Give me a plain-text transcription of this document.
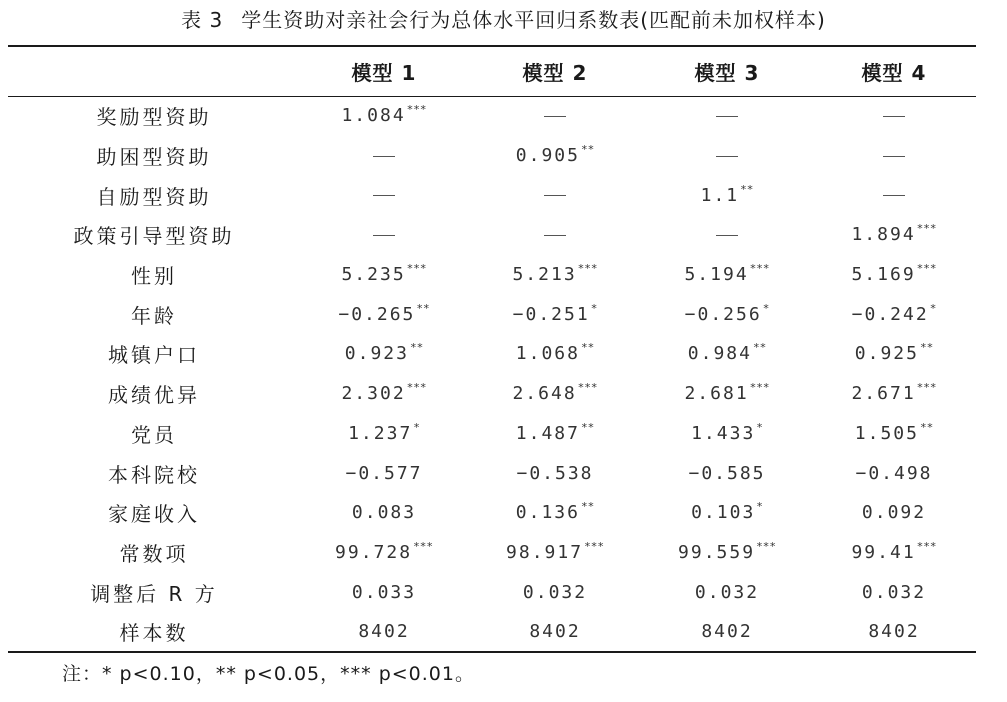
表 3 学生资助对亲社会行为总体水平回归系数表(匹配前未加权样本)
	模型 1	模型 2	模型 3	模型 4
奖励型资助	1.084***			
助困型资助		0.905**		
自励型资助			1.1**	
政策引导型资助				1.894***
性别	5.235***	5.213***	5.194***	5.169***
年龄	−0.265**	−0.251*	−0.256*	−0.242*
城镇户口	0.923**	1.068**	0.984**	0.925**
成绩优异	2.302***	2.648***	2.681***	2.671***
党员	1.237*	1.487**	1.433*	1.505**
本科院校	−0.577	−0.538	−0.585	−0.498
家庭收入	0.083	0.136**	0.103*	0.092
常数项	99.728***	98.917***	99.559***	99.41***
调整后 R 方	0.033	0.032	0.032	0.032
样本数	8402	8402	8402	8402
注：* p<0.10，** p<0.05，*** p<0.01。
